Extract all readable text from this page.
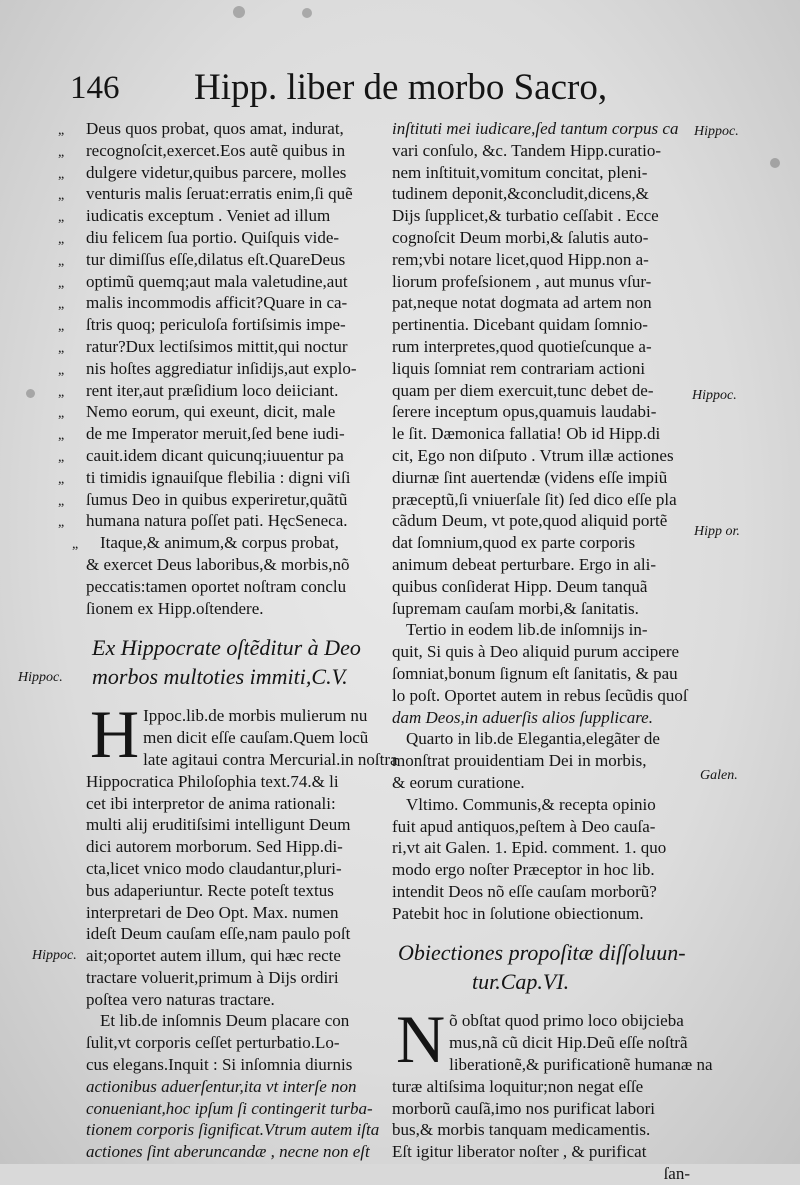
146 Hipp. liber de morbo Sacro,
„ Deus quos probat, quos amat, indurat,
„ recognoſcit,exercet.Eos autẽ quibus in
„ dulgere videtur,quibus parcere, molles
„ venturis malis ſeruat:erratis enim,ſi quẽ
„ iudicatis exceptum . Veniet ad illum
„ diu felicem ſua portio. Quiſquis vide-
„ tur dimiſſus eſſe,dilatus eſt.QuareDeus
„ optimũ quemq;aut mala valetudine,aut
„ malis incommodis afficit?Quare in ca-
„ ſtris quoq; periculoſa fortiſsimis impe-
„ ratur?Dux lectiſsimos mittit,qui noctur
„ nis hoſtes aggrediatur inſidijs,aut explo-
„ rent iter,aut præſidium loco deiiciant.
„ Nemo eorum, qui exeunt, dicit, male
„ de me Imperator meruit,ſed bene iudi-
„ cauit.idem dicant quicunq;iuuentur pa
„ ti timidis ignauiſque flebilia : digni viſi
„ ſumus Deo in quibus experiretur,quãtũ
„ humana natura poſſet pati. HęcSeneca.
„ Itaque,& animum,& corpus probat,
& exercet Deus laboribus,& morbis,nõ
peccatis:tamen oportet noſtram conclu
ſionem ex Hipp.oſtendere.
Ex Hippocrate oſtẽditur à Deo
morbos multoties immiti,C.V.
H Ippoc.lib.de morbis mulierum nu
men dicit eſſe cauſam.Quem locũ
late agitaui contra Mercurial.in noſtra
Hippocratica Philoſophia text.74.& li
cet ibi interpretor de anima rationali:
multi alij eruditiſsimi intelligunt Deum
dici autorem morborum. Sed Hipp.di-
cta,licet vnico modo claudantur,pluri-
bus adaperiuntur. Recte poteſt textus
interpretari de Deo Opt. Max. numen
ideſt Deum cauſam eſſe,nam paulo poſt
ait;oportet autem illum, qui hæc recte
tractare voluerit,primum à Dijs ordiri
poſtea vero naturas tractare.
Et lib.de inſomnis Deum placare con
ſulit,vt corporis ceſſet perturbatio.Lo-
cus elegans.Inquit : Si inſomnia diurnis
actionibus aduerſentur,ita vt interſe non
conueniant,hoc ipſum ſi contingerit turba-
tionem corporis ſignificat.Vtrum autem iſta
actiones ſint aberuncandæ , necne non eſt
inſtituti mei iudicare,ſed tantum corpus ca
vari conſulo, &c. Tandem Hipp.curatio-
nem inſtituit,vomitum concitat, pleni-
tudinem deponit,&concludit,dicens,&
Dijs ſupplicet,& turbatio ceſſabit . Ecce
cognoſcit Deum morbi,& ſalutis auto-
rem;vbi notare licet,quod Hipp.non a-
liorum profeſsionem , aut munus vſur-
pat,neque notat dogmata ad artem non
pertinentia. Dicebant quidam ſomnio-
rum interpretes,quod quotieſcunque a-
liquis ſomniat rem contrariam actioni
quam per diem exercuit,tunc debet de-
ſerere inceptum opus,quamuis laudabi-
le ſit. Dæmonica fallatia! Ob id Hipp.di
cit, Ego non diſputo . Vtrum illæ actiones
diurnæ ſint auertendæ (videns eſſe impiũ
præceptũ,ſi vniuerſale ſit) ſed dico eſſe pla
cãdum Deum, vt pote,quod aliquid portẽ
dat ſomnium,quod ex parte corporis
animum debeat perturbare. Ergo in ali-
quibus conſiderat Hipp. Deum tanquã
ſupremam cauſam morbi,& ſanitatis.
Tertio in eodem lib.de inſomnijs in-
quit, Si quis à Deo aliquid purum accipere
ſomniat,bonum ſignum eſt ſanitatis, & pau
lo poſt. Oportet autem in rebus ſecũdis quoſ
dam Deos,in aduerſis alios ſupplicare.
Quarto in lib.de Elegantia,elegãter de
monſtrat prouidentiam Dei in morbis,
& eorum curatione.
Vltimo. Communis,& recepta opinio
fuit apud antiquos,peſtem à Deo cauſa-
ri,vt ait Galen. 1. Epid. comment. 1. quo
modo ergo noſter Præceptor in hoc lib.
intendit Deos nõ eſſe cauſam morborũ?
Patebit hoc in ſolutione obiectionum.
Obiectiones propoſitæ diſſoluun-
tur.Cap.VI.
N õ obſtat quod primo loco obijcieba
mus,nã cũ dicit Hip.Deũ eſſe noſtrã
liberationẽ,& purificationẽ humanæ na
turæ altiſsima loquitur;non negat eſſe
morborũ cauſã,imo nos purificat labori
bus,& morbis tanquam medicamentis.
Eſt igitur liberator noſter , & purificat
ſan-
Hippoc.
Hippoc.
Hipp or.
Galen.
Hippoc.
Hippoc.
